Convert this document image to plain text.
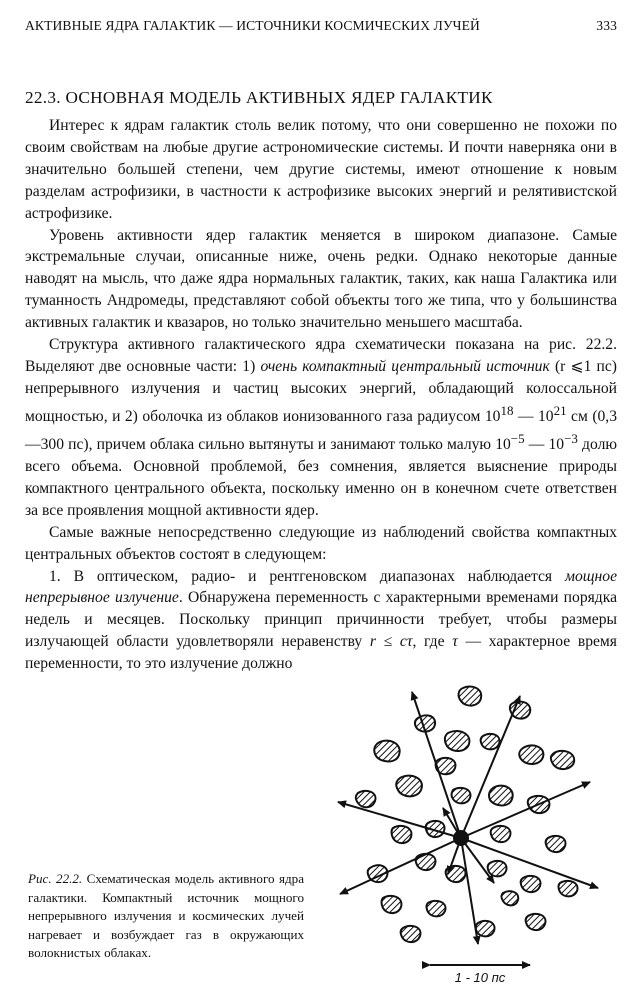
АКТИВНЫЕ ЯДРА ГАЛАКТИК — ИСТОЧНИКИ КОСМИЧЕСКИХ ЛУЧЕЙ	333
22.3. ОСНОВНАЯ МОДЕЛЬ АКТИВНЫХ ЯДЕР ГАЛАКТИК

Интерес к ядрам галактик столь велик потому, что они совершенно не похожи по своим свойствам на любые другие астрономические системы. И почти наверняка они в значительно большей степени, чем другие системы, имеют отношение к новым разделам астрофизики, в частности к астрофизике высоких энергий и релятивистской астрофизике.

Уровень активности ядер галактик меняется в широком диапазоне. Самые экстремальные случаи, описанные ниже, очень редки. Однако некоторые данные наводят на мысль, что даже ядра нормальных галактик, таких, как наша Галактика или туманность Андромеды, представляют собой объекты того же типа, что у большинства активных галактик и квазаров, но только значительно меньшего масштаба.

Структура активного галактического ядра схематически показана на рис. 22.2. Выделяют две основные части: 1) очень компактный центральный источник (r ⩽1 пс) непрерывного излучения и частиц высоких энергий, обладающий колоссальной мощностью, и 2) оболочка из облаков ионизованного газа радиусом $10^{18}$ — $10^{21}$ см (0,3—300 пс), причем облака сильно вытянуты и занимают только малую $10^{-5}$ — $10^{-3}$ долю всего объема. Основной проблемой, без сомнения, является выяснение природы компактного центрального объекта, поскольку именно он в конечном счете ответствен за все проявления мощной активности ядер.

Самые важные непосредственно следующие из наблюдений свойства компактных центральных объектов состоят в следующем:

1. В оптическом, радио- и рентгеновском диапазонах наблюдается мощное непрерывное излучение. Обнаружена переменность с характерными временами порядка недель и месяцев. Поскольку принцип причинности требует, чтобы размеры излучающей области удовлетворяли неравенству r ≤ cτ, где τ — характерное время переменности, то это излучение должно

Рис. 22.2. Схематическая модель активного ядра галактики. Компактный источник мощного непрерывного излучения и космических лучей нагревает и возбуждает газ в окружающих волокнистых облаках.
1 - 10 пс
